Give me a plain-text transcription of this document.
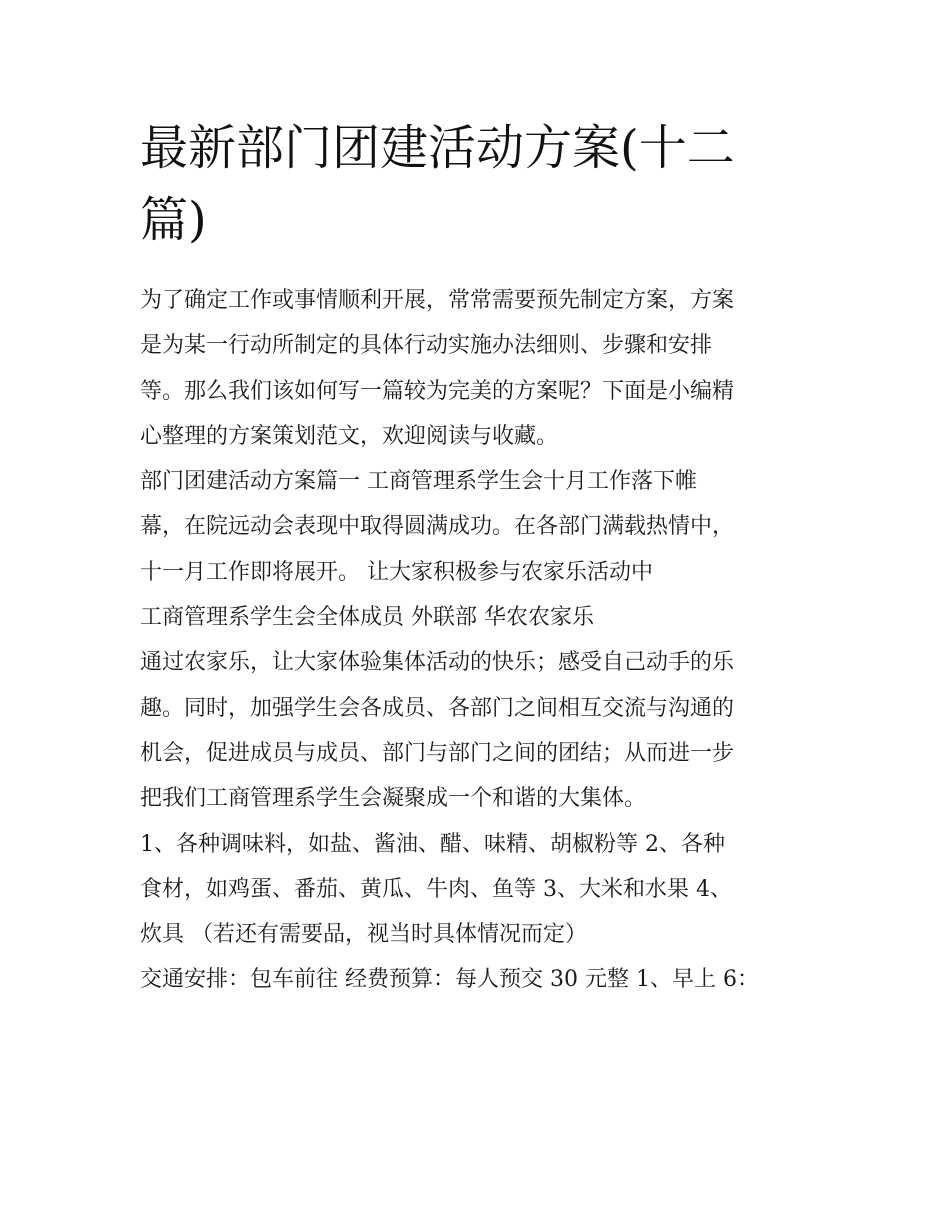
最新部门团建活动方案(十二
篇)
为了确定工作或事情顺利开展，常常需要预先制定方案，方案
是为某一行动所制定的具体行动实施办法细则、步骤和安排
等。那么我们该如何写一篇较为完美的方案呢？下面是小编精
心整理的方案策划范文，欢迎阅读与收藏。
部门团建活动方案篇一 工商管理系学生会十月工作落下帷
幕，在院远动会表现中取得圆满成功。在各部门满载热情中，
十一月工作即将展开。 让大家积极参与农家乐活动中
工商管理系学生会全体成员 外联部 华农农家乐
通过农家乐，让大家体验集体活动的快乐；感受自己动手的乐
趣。同时，加强学生会各成员、各部门之间相互交流与沟通的
机会，促进成员与成员、部门与部门之间的团结；从而进一步
把我们工商管理系学生会凝聚成一个和谐的大集体。
1、各种调味料，如盐、酱油、醋、味精、胡椒粉等 2、各种
食材，如鸡蛋、番茄、黄瓜、牛肉、鱼等 3、大米和水果 4、
炊具 （若还有需要品，视当时具体情况而定）
交通安排：包车前往 经费预算：每人预交 30 元整 1、早上 6：
